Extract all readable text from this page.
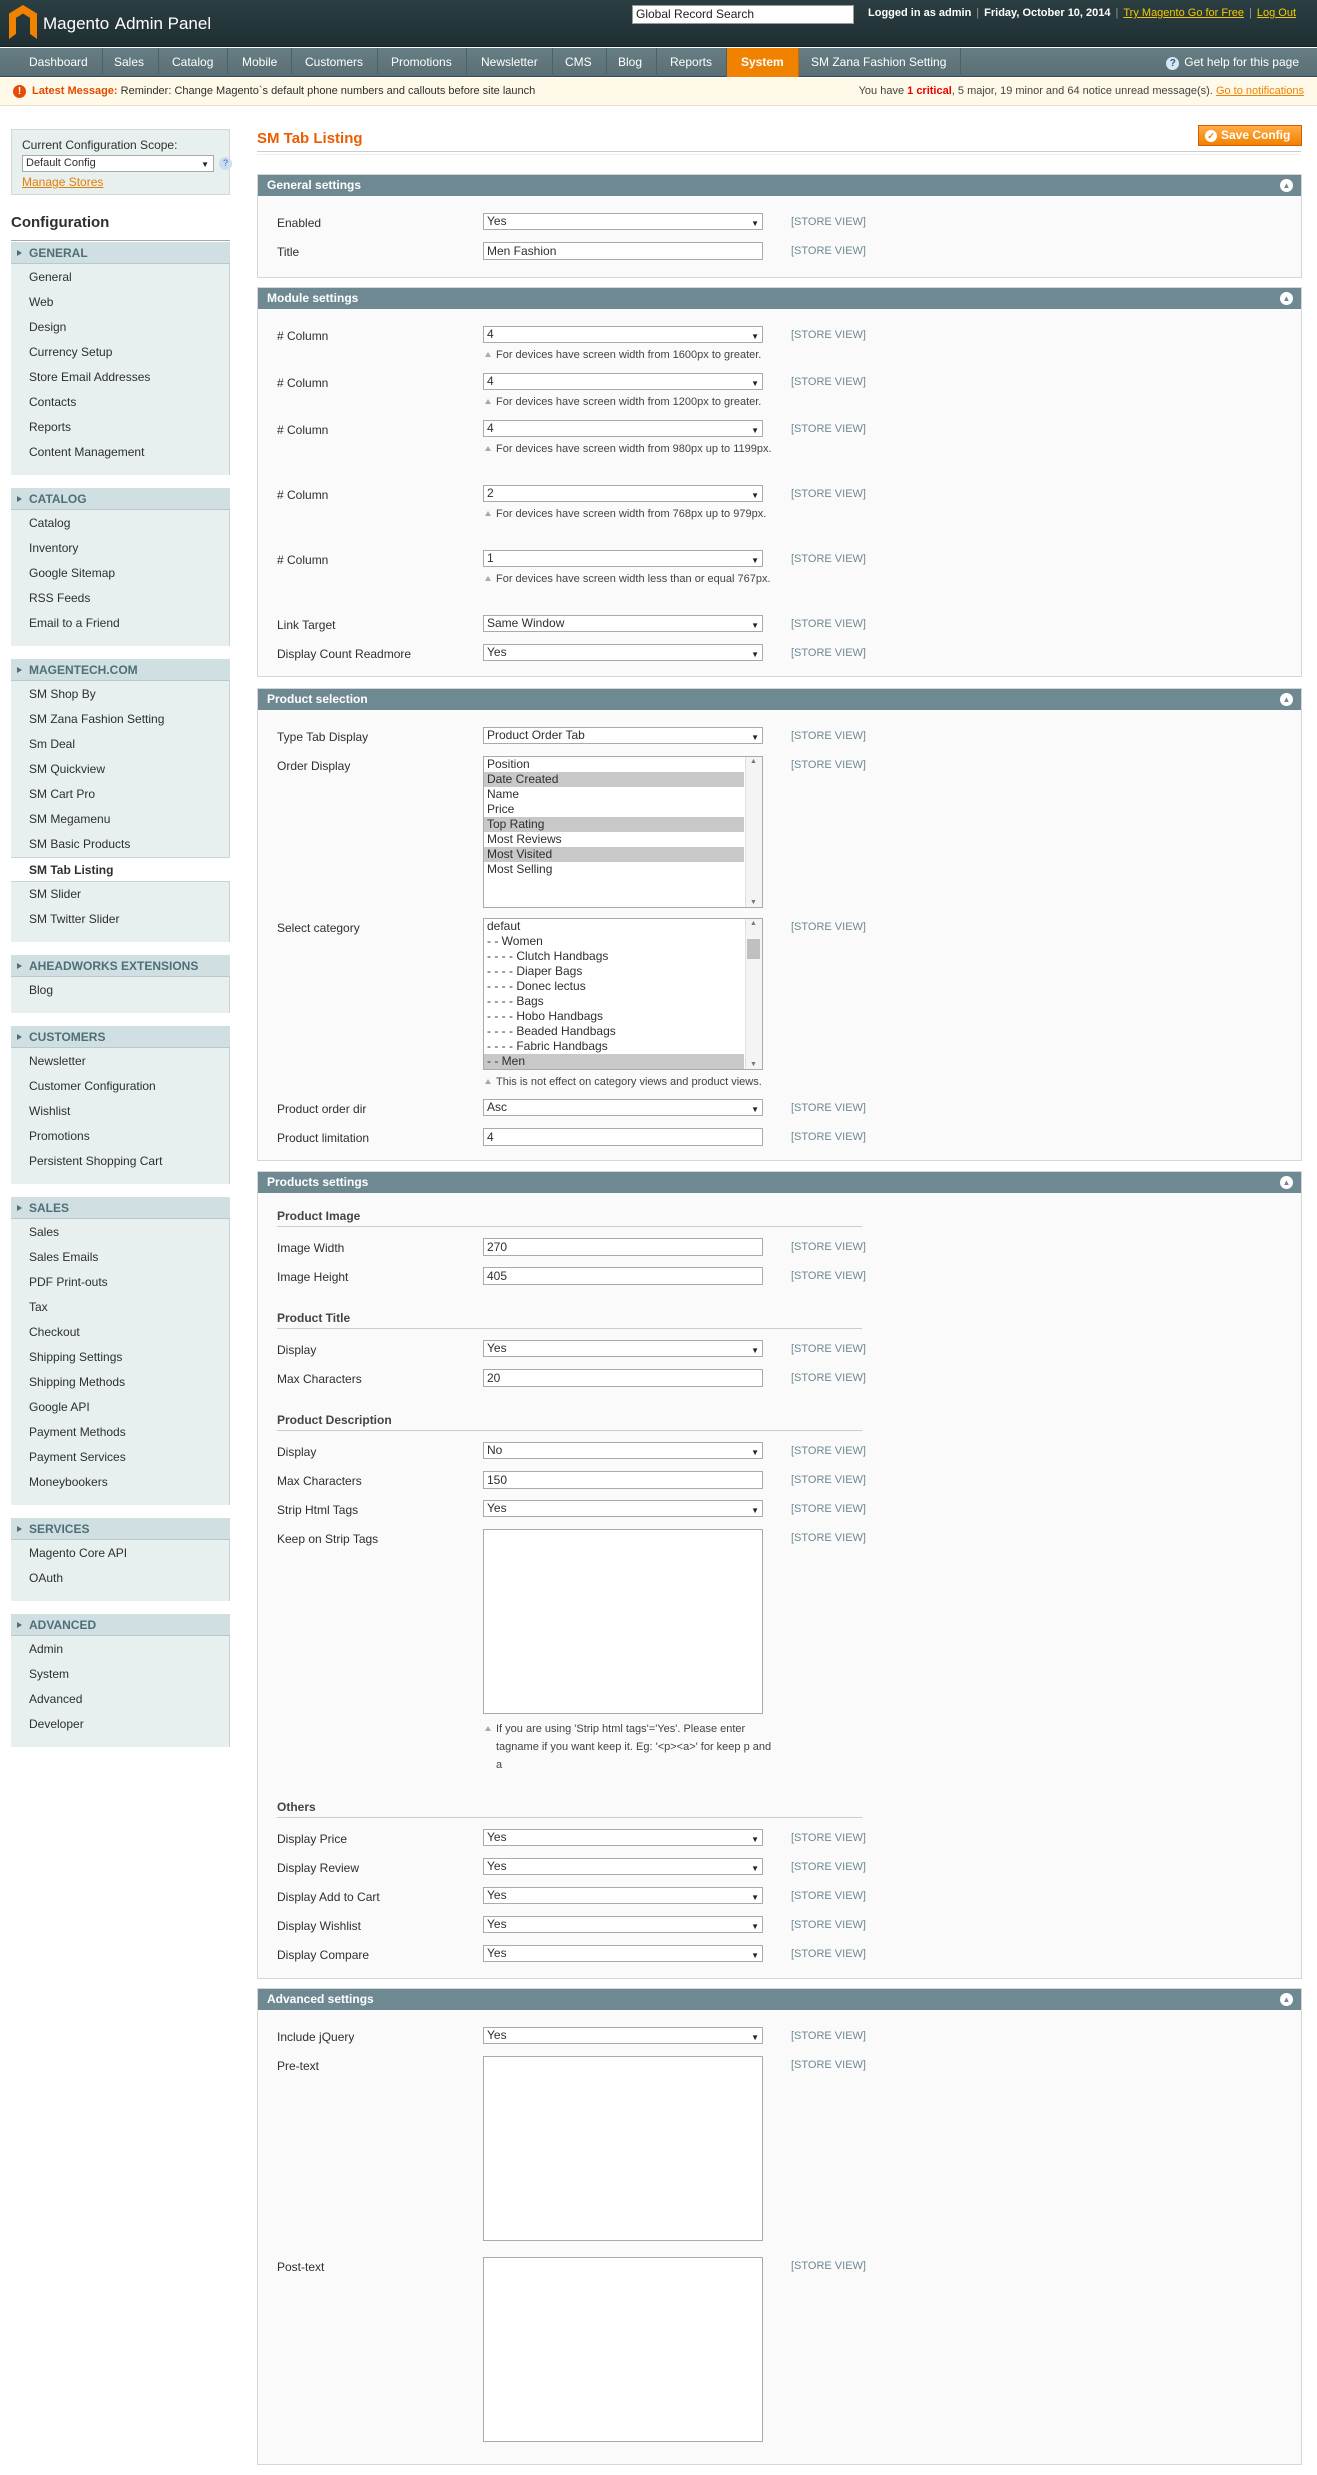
Magento Admin Panel	Global Record Search	Logged in as admin | Friday, October 10, 2014 | Try Magento Go for Free | Log Out
Dashboard	Sales	Catalog	Mobile	Customers	Promotions	Newsletter	CMS	Blog	Reports	System	SM Zana Fashion Setting	? Get help for this page
! Latest Message: Reminder: Change Magento`s default phone numbers and callouts before site launch	You have 1 critical, 5 major, 19 minor and 64 notice unread message(s). Go to notifications
Current Configuration Scope:
Default Config ▼	?
Manage Stores
Configuration
GENERAL
General
Web
Design
Currency Setup
Store Email Addresses
Contacts
Reports
Content Management
CATALOG
Catalog
Inventory
Google Sitemap
RSS Feeds
Email to a Friend
MAGENTECH.COM
SM Shop By
SM Zana Fashion Setting
Sm Deal
SM Quickview
SM Cart Pro
SM Megamenu
SM Basic Products
SM Tab Listing
SM Slider
SM Twitter Slider
AHEADWORKS EXTENSIONS
Blog
CUSTOMERS
Newsletter
Customer Configuration
Wishlist
Promotions
Persistent Shopping Cart
SALES
Sales
Sales Emails
PDF Print-outs
Tax
Checkout
Shipping Settings
Shipping Methods
Google API
Payment Methods
Payment Services
Moneybookers
SERVICES
Magento Core API
OAuth
ADVANCED
Admin
System
Advanced
Developer
SM Tab Listing	✓ Save Config
General settings	▲
Enabled	Yes ▼	[STORE VIEW]
Title	Men Fashion	[STORE VIEW]
Module settings	▲
# Column	4 ▼
For devices have screen width from 1600px to greater.
[STORE VIEW]
# Column	4 ▼
For devices have screen width from 1200px to greater.
[STORE VIEW]
# Column	4 ▼
For devices have screen width from 980px up to 1199px.
[STORE VIEW]
# Column	2 ▼
For devices have screen width from 768px up to 979px.
[STORE VIEW]
# Column	1 ▼
For devices have screen width less than or equal 767px.
[STORE VIEW]
Link Target	Same Window ▼	[STORE VIEW]
Display Count Readmore	Yes ▼	[STORE VIEW]
Product selection	▲
Type Tab Display	Product Order Tab ▼	[STORE VIEW]
Order Display	Position
Date Created
Name
Price
Top Rating
Most Reviews
Most Visited
Most Selling
▲ ▼
[STORE VIEW]
Select category	defaut
- - Women
- - - - Clutch Handbags
- - - - Diaper Bags
- - - - Donec lectus
- - - - Bags
- - - - Hobo Handbags
- - - - Beaded Handbags
- - - - Fabric Handbags
- - Men
▲
▼
This is not effect on category views and product views.
[STORE VIEW]
Product order dir	Asc ▼	[STORE VIEW]
Product limitation	4	[STORE VIEW]
Products settings	▲
Product Image
Image Width	270	[STORE VIEW]
Image Height	405	[STORE VIEW]
Product Title
Display	Yes ▼	[STORE VIEW]
Max Characters	20	[STORE VIEW]
Product Description
Display	No ▼	[STORE VIEW]
Max Characters	150	[STORE VIEW]
Strip Html Tags	Yes ▼	[STORE VIEW]
Keep on Strip Tags
If you are using 'Strip html tags'='Yes'. Please enter tagname if you want keep it. Eg: '<p><a>' for keep p and a
[STORE VIEW]
Others
Display Price	Yes ▼	[STORE VIEW]
Display Review	Yes ▼	[STORE VIEW]
Display Add to Cart	Yes ▼	[STORE VIEW]
Display Wishlist	Yes ▼	[STORE VIEW]
Display Compare	Yes ▼	[STORE VIEW]
Advanced settings	▲
Include jQuery	Yes ▼	[STORE VIEW]
Pre-text	[STORE VIEW]
Post-text	[STORE VIEW]
